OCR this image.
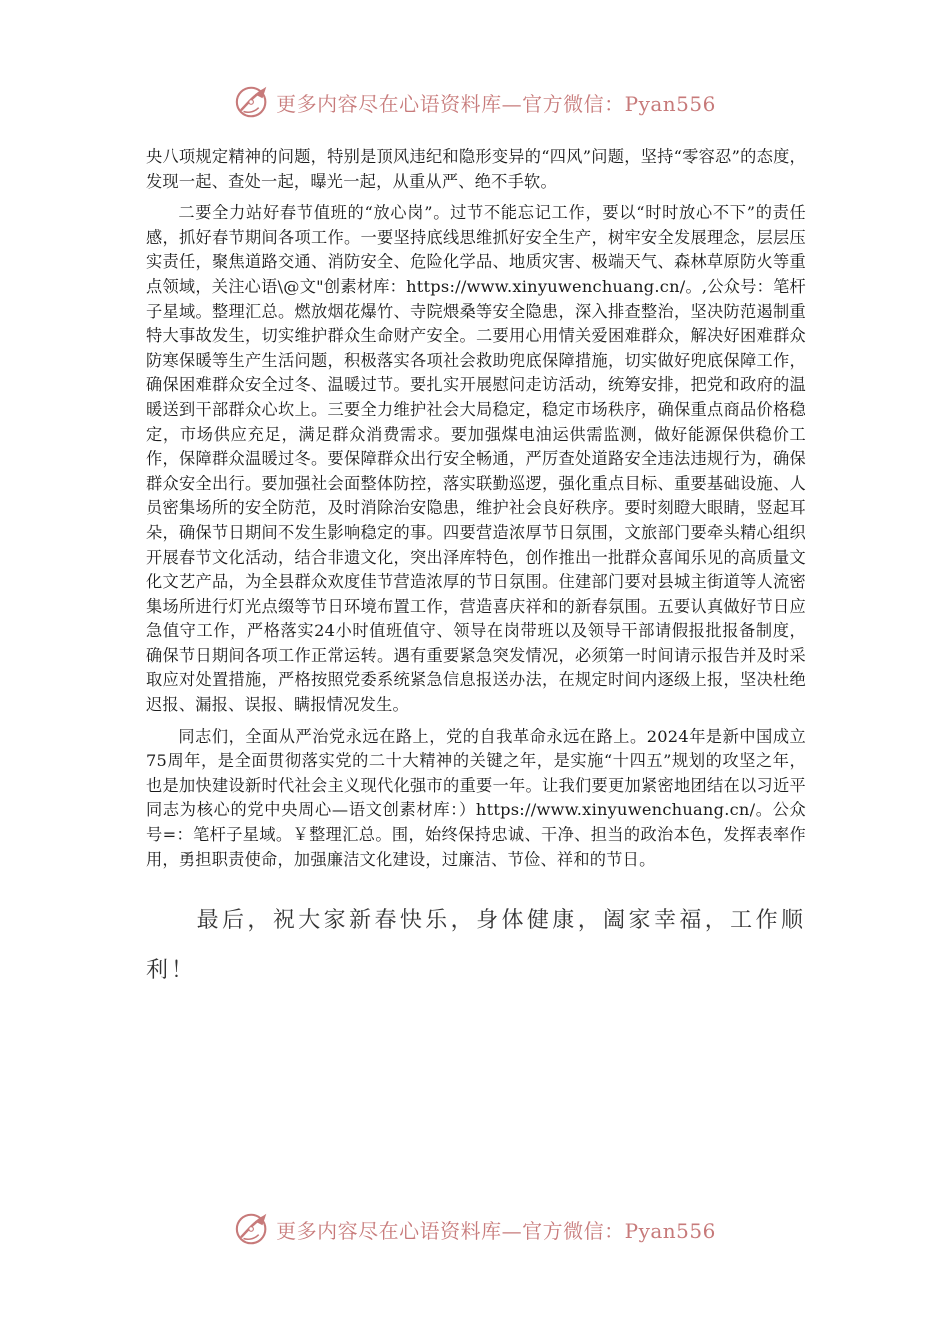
更多内容尽在心语资料库—官方微信：Pyan556

央八项规定精神的问题，特别是顶风违纪和隐形变异的“四风”问题，坚持“零容忍”的态度，发现一起、查处一起，曝光一起，从重从严、绝不手软。

二要全力站好春节值班的“放心岗”。过节不能忘记工作，要以“时时放心不下”的责任感，抓好春节期间各项工作。一要坚持底线思维抓好安全生产，树牢安全发展理念，层层压实责任，聚焦道路交通、消防安全、危险化学品、地质灾害、极端天气、森林草原防火等重点领域，关注心语\@文"创素材库：https://www.xinyuwenchuang.cn/。,公众号：笔杆子星域。整理汇总。燃放烟花爆竹、寺院煨桑等安全隐患，深入排查整治，坚决防范遏制重特大事故发生，切实维护群众生命财产安全。二要用心用情关爱困难群众，解决好困难群众防寒保暖等生产生活问题，积极落实各项社会救助兜底保障措施，切实做好兜底保障工作，确保困难群众安全过冬、温暖过节。要扎实开展慰问走访活动，统筹安排，把党和政府的温暖送到干部群众心坎上。三要全力维护社会大局稳定，稳定市场秩序，确保重点商品价格稳定，市场供应充足，满足群众消费需求。要加强煤电油运供需监测，做好能源保供稳价工作，保障群众温暖过冬。要保障群众出行安全畅通，严厉查处道路安全违法违规行为，确保群众安全出行。要加强社会面整体防控，落实联勤巡逻，强化重点目标、重要基础设施、人员密集场所的安全防范，及时消除治安隐患，维护社会良好秩序。要时刻瞪大眼睛，竖起耳朵，确保节日期间不发生影响稳定的事。四要营造浓厚节日氛围，文旅部门要牵头精心组织开展春节文化活动，结合非遗文化，突出泽库特色，创作推出一批群众喜闻乐见的高质量文化文艺产品，为全县群众欢度佳节营造浓厚的节日氛围。住建部门要对县城主街道等人流密集场所进行灯光点缀等节日环境布置工作，营造喜庆祥和的新春氛围。五要认真做好节日应急值守工作，严格落实24小时值班值守、领导在岗带班以及领导干部请假报批报备制度，确保节日期间各项工作正常运转。遇有重要紧急突发情况，必须第一时间请示报告并及时采取应对处置措施，严格按照党委系统紧急信息报送办法，在规定时间内逐级上报，坚决杜绝迟报、漏报、误报、瞒报情况发生。

同志们，全面从严治党永远在路上，党的自我革命永远在路上。2024年是新中国成立75周年，是全面贯彻落实党的二十大精神的关键之年，是实施“十四五”规划的攻坚之年，也是加快建设新时代社会主义现代化强市的重要一年。让我们要更加紧密地团结在以习近平同志为核心的党中央周心—语文创素材库：）https://www.xinyuwenchuang.cn/。公众号=：笔杆子星域。￥整理汇总。围，始终保持忠诚、干净、担当的政治本色，发挥表率作用，勇担职责使命，加强廉洁文化建设，过廉洁、节俭、祥和的节日。

最后，祝大家新春快乐，身体健康，阖家幸福，工作顺利！

更多内容尽在心语资料库—官方微信：Pyan556
